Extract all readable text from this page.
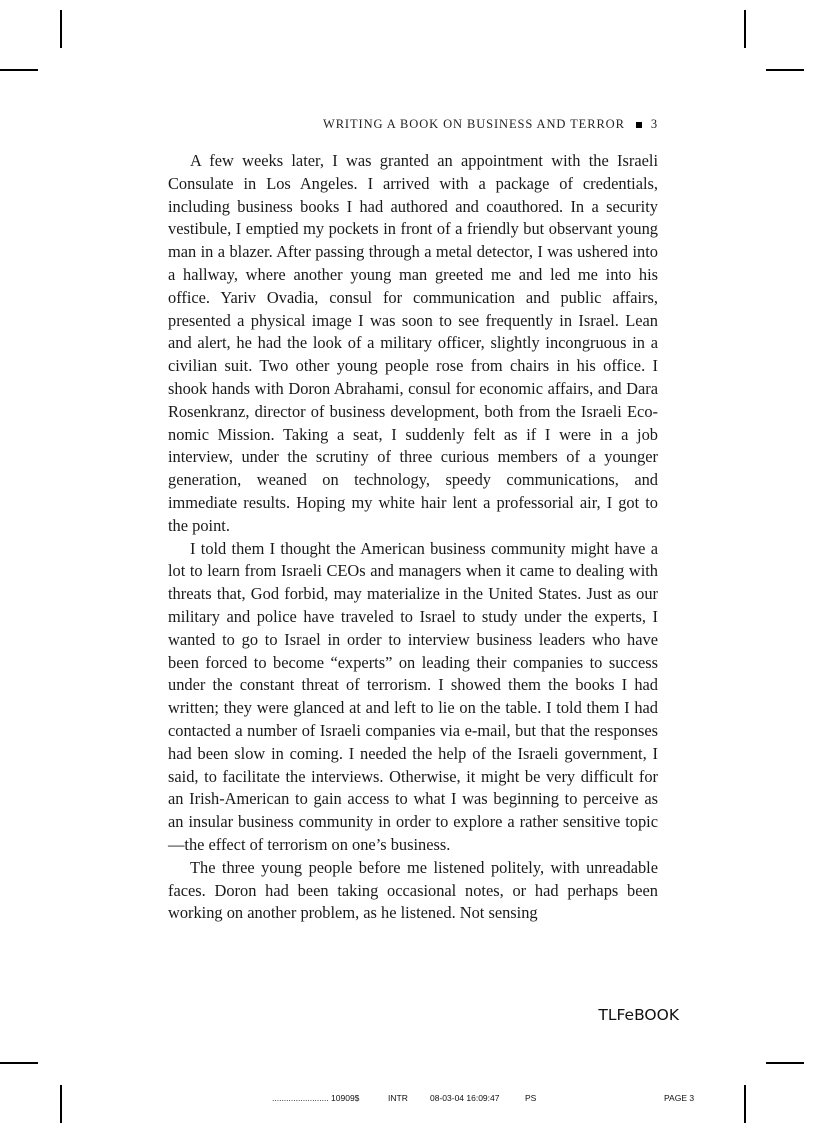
WRITING A BOOK ON BUSINESS AND TERROR 3

A few weeks later, I was granted an appointment with the Israeli Consulate in Los Angeles. I arrived with a package of credentials, including business books I had authored and coauthored. In a security vestibule, I emptied my pockets in front of a friendly but observant young man in a blazer. After passing through a metal detector, I was ushered into a hallway, where another young man greeted me and led me into his office. Yariv Ovadia, consul for communication and public affairs, presented a physical image I was soon to see frequently in Israel. Lean and alert, he had the look of a military officer, slightly incongruous in a civilian suit. Two other young people rose from chairs in his office. I shook hands with Doron Abrahami, consul for economic affairs, and Dara Rosenkranz, director of business development, both from the Israeli Economic Mission. Taking a seat, I suddenly felt as if I were in a job interview, under the scrutiny of three curious members of a younger generation, weaned on technology, speedy communications, and immediate results. Hoping my white hair lent a professorial air, I got to the point.

I told them I thought the American business community might have a lot to learn from Israeli CEOs and managers when it came to dealing with threats that, God forbid, may materialize in the United States. Just as our military and police have traveled to Israel to study under the experts, I wanted to go to Israel in order to interview business leaders who have been forced to become “experts” on leading their companies to success under the constant threat of terrorism. I showed them the books I had written; they were glanced at and left to lie on the table. I told them I had contacted a number of Israeli companies via e-mail, but that the responses had been slow in coming. I needed the help of the Israeli government, I said, to facilitate the interviews. Otherwise, it might be very difficult for an Irish-American to gain access to what I was beginning to perceive as an insular business community in order to explore a rather sensitive topic—the effect of terrorism on one’s business.

The three young people before me listened politely, with unreadable faces. Doron had been taking occasional notes, or had perhaps been working on another problem, as he listened. Not sensing

TLFeBOOK
........................ 10909$	INTR	08-03-04 16:09:47	PS	PAGE 3
